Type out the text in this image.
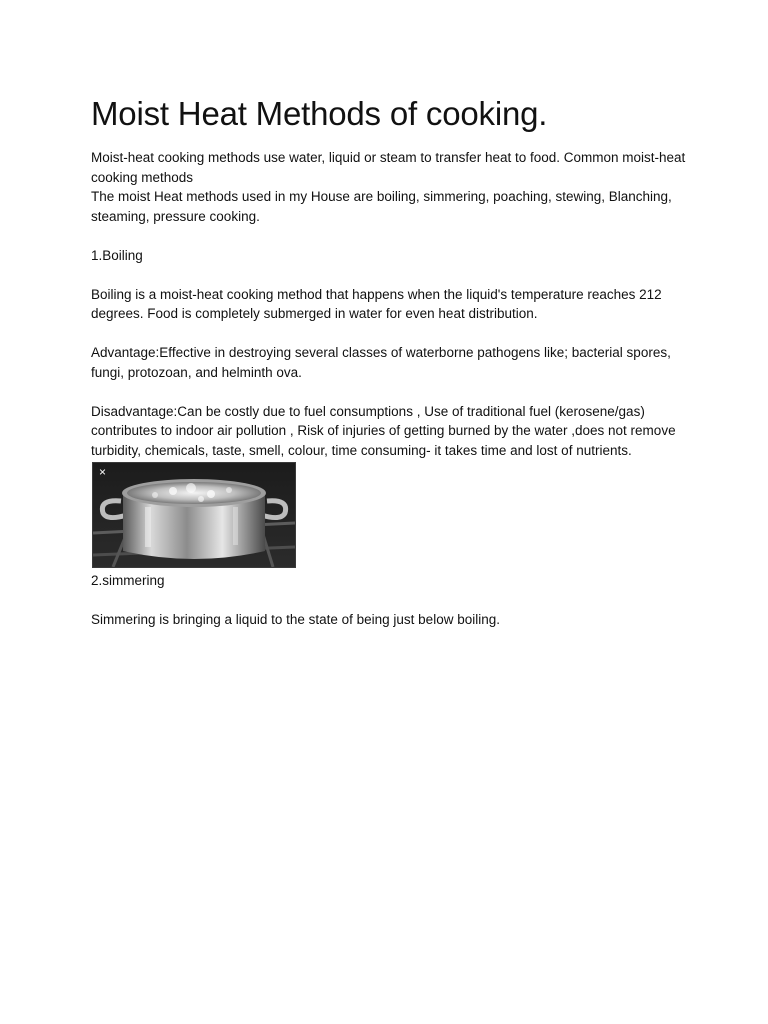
Moist Heat Methods of cooking.

Moist-heat cooking methods use water, liquid or steam to transfer heat to food. Common moist-heat cooking methods

The moist Heat methods used in my House are boiling, simmering, poaching, stewing, Blanching, steaming, pressure cooking.

1.Boiling

Boiling is a moist-heat cooking method that happens when the liquid's temperature reaches 212 degrees. Food is completely submerged in water for even heat distribution.

Advantage:Effective in destroying several classes of waterborne pathogens like; bacterial spores, fungi, protozoan, and helminth ova.

Disadvantage:Can be costly due to fuel consumptions , Use of traditional fuel (kerosene/gas) contributes to indoor air pollution , Risk of injuries of getting burned by the water ,does not remove turbidity, chemicals, taste, smell, colour, time consuming- it takes time and lost of nutrients.

×

2.simmering

Simmering is bringing a liquid to the state of being just below boiling.
